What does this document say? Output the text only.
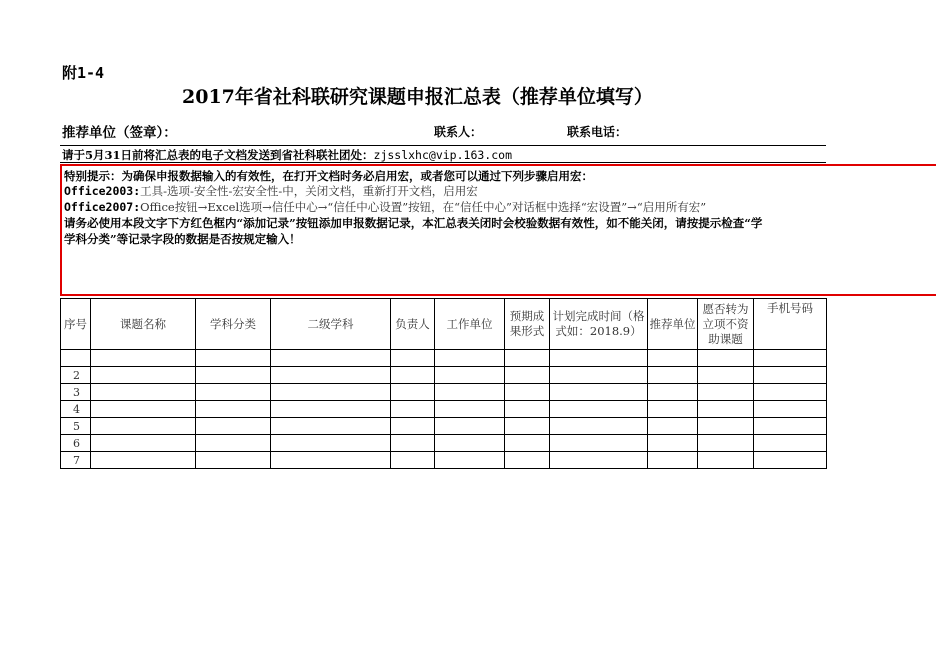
附1-4
2017年省社科联研究课题申报汇总表（推荐单位填写）
推荐单位（签章）：	联系人：	联系电话：
请于5月31日前将汇总表的电子文档发送到省社科联社团处：zjsslxhc@vip.163.com
特别提示：为确保申报数据输入的有效性，在打开文档时务必启用宏，或者您可以通过下列步骤启用宏：
Office2003:工具-选项-安全性-宏安全性-中，关闭文档，重新打开文档，启用宏
Office2007:Office按钮→Excel选项→信任中心→“信任中心设置”按钮，在“信任中心”对话框中选择“宏设置”→“启用所有宏”
请务必使用本段文字下方红色框内“添加记录”按钮添加申报数据记录，本汇总表关闭时会校验数据有效性，如不能关闭，请按提示检查“学
学科分类”等记录字段的数据是否按规定输入！
序号	课题名称	学科分类	二级学科	负责人	工作单位	预期成果形式	计划完成时间（格式如：2018.9）	推荐单位	愿否转为立项不资助课题	手机号码

2										
3										
4										
5										
6										
7										
